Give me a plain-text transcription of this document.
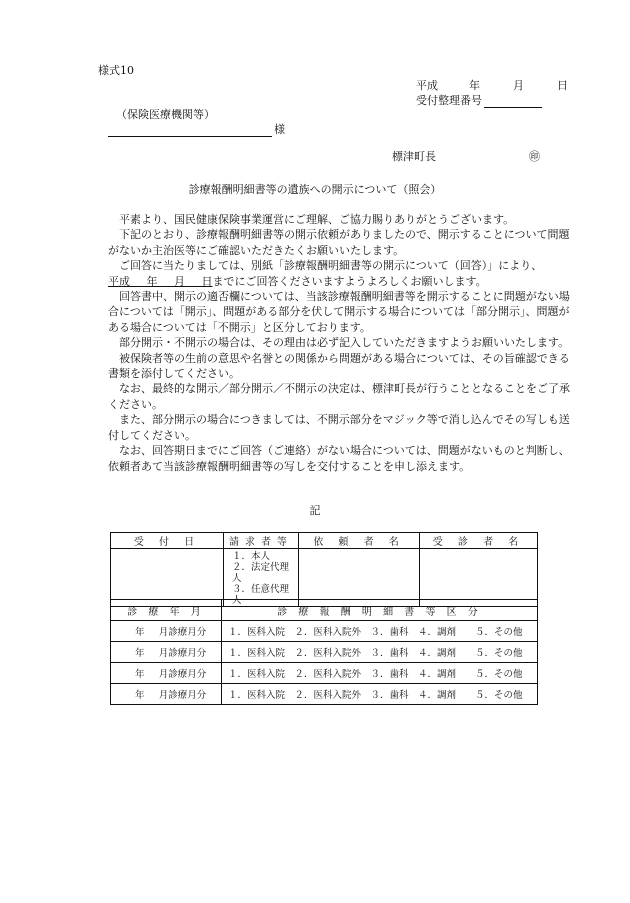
様式10
平成	年	月	日
受付整理番号
（保険医療機関等）
様
標津町長	㊞
診療報酬明細書等の遺族への開示について（照会）

平素より、国民健康保険事業運営にご理解、ご協力賜りありがとうございます。

下記のとおり、診療報酬明細書等の開示依頼がありましたので、開示することについて問題がないか主治医等にご確認いただきたくお願いいたします。

ご回答に当たりましては、別紙「診療報酬明細書等の開示について（回答）」により、

平成   年   月   日までにご回答くださいますようよろしくお願いします。

回答書中、開示の適否欄については、当該診療報酬明細書等を開示することに問題がない場合については「開示」、問題がある部分を伏して開示する場合については「部分開示」、問題がある場合については「不開示」と区分しております。

部分開示・不開示の場合は、その理由は必ず記入していただきますようお願いいたします。

被保険者等の生前の意思や名誉との関係から問題がある場合については、その旨確認できる書類を添付してください。

なお、最終的な開示／部分開示／不開示の決定は、標津町長が行うこととなることをご了承ください。

また、部分開示の場合につきましては、不開示部分をマジック等で消し込んでその写しも送付してください。

なお、回答期日までにご回答（ご連絡）がない場合については、問題がないものと判断し、依頼者あて当該診療報酬明細書等の写しを交付することを申し添えます。

記
受 付 日	請求者等	依 頼 者 名	受 診 者 名

	１．本人
２．法定代理人
３．任意代理人		

診 療 年 月	診 療 報 酬 明 細 書 等 区 分
年   月診療月分	１．医科入院　２．医科入院外　３．歯科　４．調剤　　５．その他
年   月診療月分	１．医科入院　２．医科入院外　３．歯科　４．調剤　　５．その他
年   月診療月分	１．医科入院　２．医科入院外　３．歯科　４．調剤　　５．その他
年   月診療月分	１．医科入院　２．医科入院外　３．歯科　４．調剤　　５．その他
